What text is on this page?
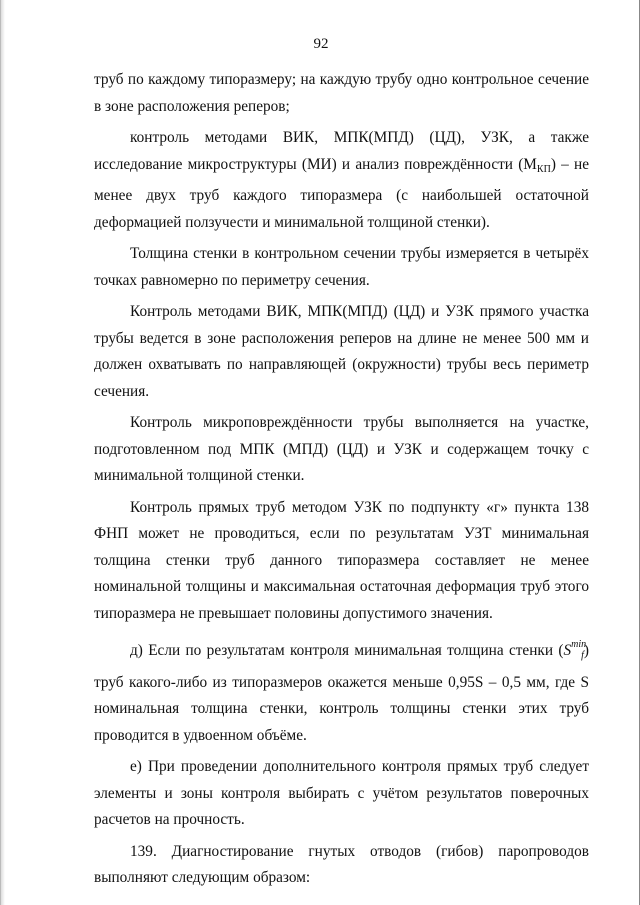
92

труб по каждому типоразмеру; на каждую трубу одно контрольное сечение в зоне расположения реперов;

контроль методами ВИК, МПК(МПД) (ЦД), УЗК, а также исследование микроструктуры (МИ) и анализ повреждённости $(М_{КП})$ – не менее двух труб каждого типоразмера (с наибольшей остаточной деформацией ползучести и минимальной толщиной стенки).

Толщина стенки в контрольном сечении трубы измеряется в четырёх точках равномерно по периметру сечения.

Контроль методами ВИК, МПК(МПД) (ЦД) и УЗК прямого участка трубы ведется в зоне расположения реперов на длине не менее 500 мм и должен охватывать по направляющей (окружности) трубы весь периметр сечения.

Контроль микроповреждённости трубы выполняется на участке, подготовленном под МПК (МПД) (ЦД) и УЗК и содержащем точку с минимальной толщиной стенки.

Контроль прямых труб методом УЗК по подпункту «г» пункта 138 ФНП может не проводиться, если по результатам УЗТ минимальная толщина стенки труб данного типоразмера составляет не менее номинальной толщины и максимальная остаточная деформация труб этого типоразмера не превышает половины допустимого значения.

д) Если по результатам контроля минимальная толщина стенки $(S^{min}f)$ труб какого-либо из типоразмеров окажется меньше 0,95S – 0,5 мм, где S номинальная толщина стенки, контроль толщины стенки этих труб проводится в удвоенном объёме.

е) При проведении дополнительного контроля прямых труб следует элементы и зоны контроля выбирать с учётом результатов поверочных расчетов на прочность.

139. Диагностирование гнутых отводов (гибов) паропроводов выполняют следующим образом:
